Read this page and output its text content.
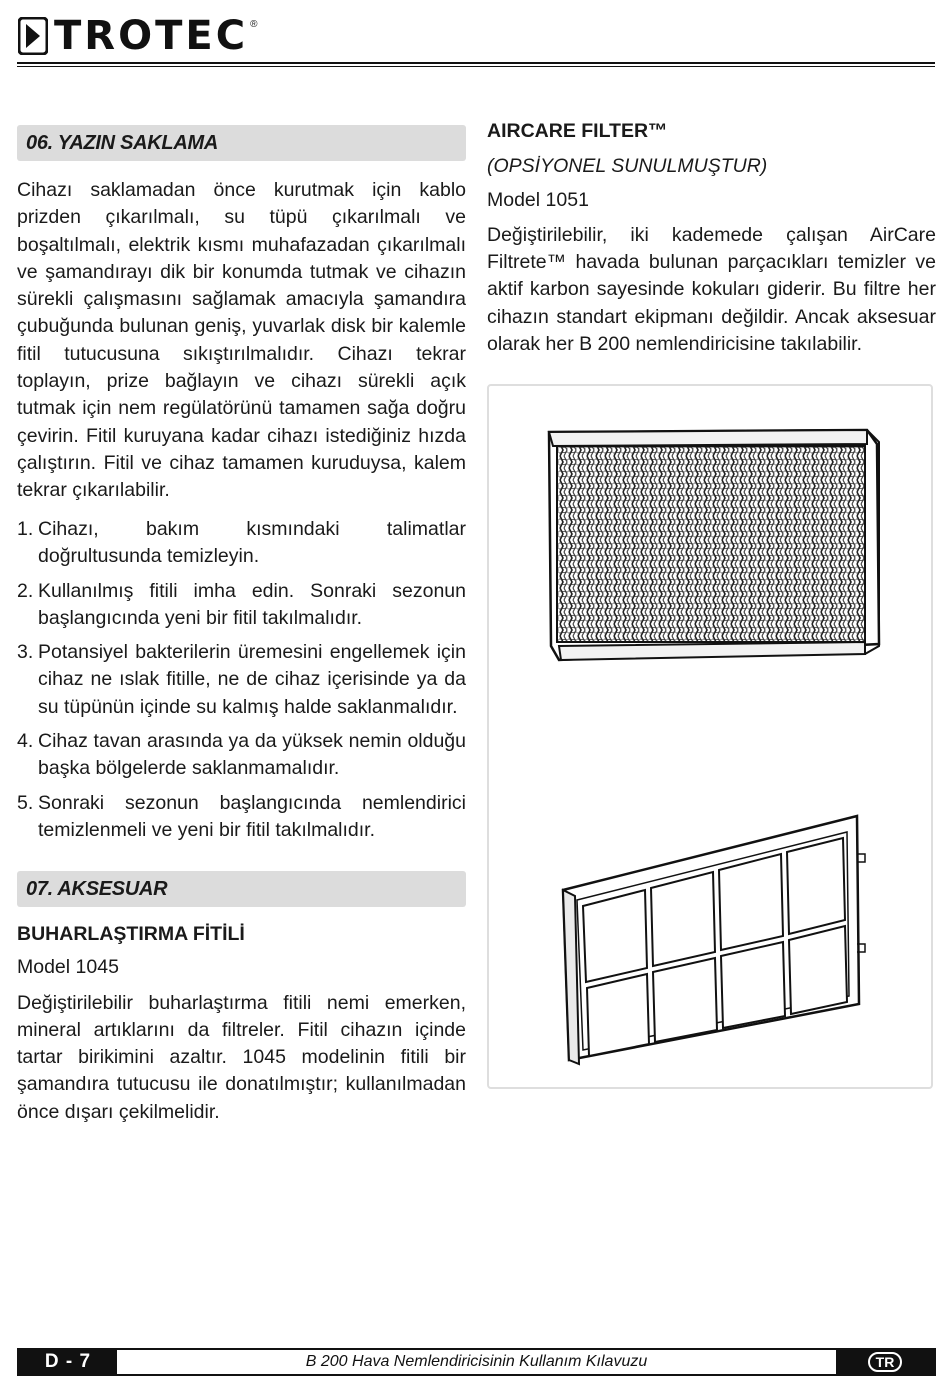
TROTEC ®
06. YAZIN SAKLAMA

Cihazı saklamadan önce kurutmak için kablo prizden çıkarılmalı, su tüpü çıkarılmalı ve boşaltılmalı, elektrik kısmı muhafazadan çıkarılmalı ve şamandırayı dik bir konumda tutmak ve cihazın sürekli çalışmasını sağlamak amacıyla şamandıra çubuğunda bulunan geniş, yuvarlak disk bir kalemle fitil tutucusuna sıkıştırılmalıdır. Cihazı tekrar toplayın, prize bağlayın ve cihazı sürekli açık tutmak için nem regülatörünü tamamen sağa doğru çevirin. Fitil kuruyana kadar cihazı istediğiniz hızda çalıştırın. Fitil ve cihaz tamamen kuruduysa, kalem tekrar çıkarılabilir.

1. Cihazı, bakım kısmındaki talimatlar doğrultusunda temizleyin.
2. Kullanılmış fitili imha edin. Sonraki sezonun başlangıcında yeni bir fitil takılmalıdır.
3. Potansiyel bakterilerin üremesini engellemek için cihaz ne ıslak fitille, ne de cihaz içerisinde ya da su tüpünün içinde su kalmış halde saklanmalıdır.
4. Cihaz tavan arasında ya da yüksek nemin olduğu başka bölgelerde saklanmamalıdır.
5. Sonraki sezonun başlangıcında nemlendirici temizlenmeli ve yeni bir fitil takılmalıdır.
07. AKSESUAR

BUHARLAŞTIRMA FİTİLİ

Model 1045

Değiştirilebilir buharlaştırma fitili nemi emerken, mineral artıklarını da filtreler. Fitil cihazın içinde tartar birikimini azaltır. 1045 modelinin fitili bir şamandıra tutucusu ile donatılmıştır; kullanılmadan önce dışarı çekilmelidir.

AIRCARE FILTER™

(OPSİYONEL SUNULMUŞTUR)

Model 1051

Değiştirilebilir, iki kademede çalışan AirCare Filtrete™ havada bulunan parçacıkları temizler ve aktif karbon sayesinde kokuları giderir. Bu filtre her cihazın standart ekipmanı değildir. Ancak aksesuar olarak her B 200 nemlendiricisine takılabilir.

D - 7	B 200 Hava Nemlendiricisinin Kullanım Kılavuzu	TR
